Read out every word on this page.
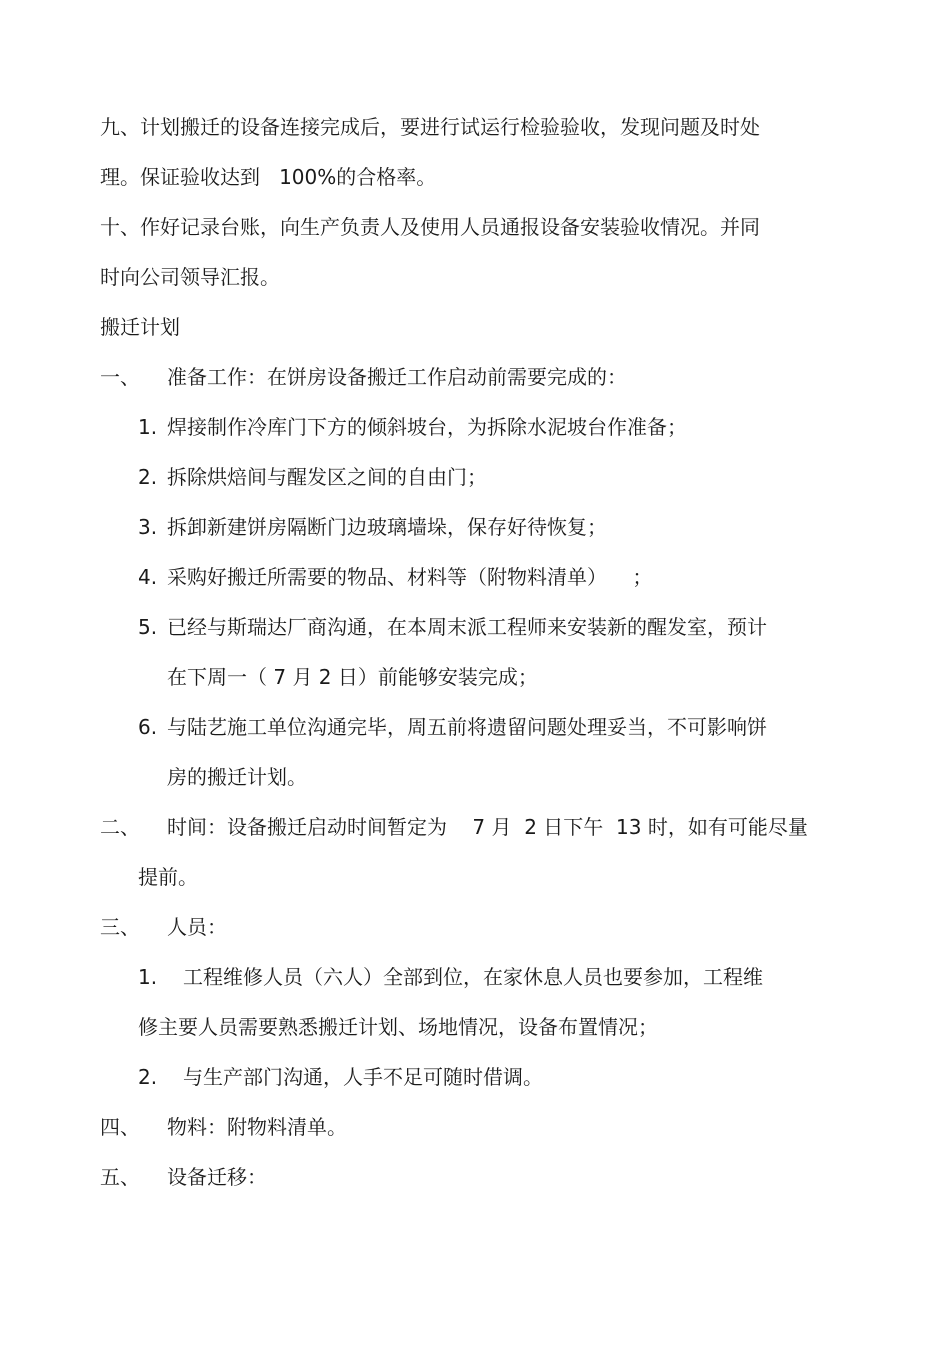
九、计划搬迁的设备连接完成后，要进行试运行检验验收，发现问题及时处
理。保证验收达到   100%的合格率。
十、作好记录台账，向生产负责人及使用人员通报设备安装验收情况。并同
时向公司领导汇报。
搬迁计划
一、 准备工作：在饼房设备搬迁工作启动前需要完成的：
1. 焊接制作冷库门下方的倾斜坡台，为拆除水泥坡台作准备；
2. 拆除烘焙间与醒发区之间的自由门；
3. 拆卸新建饼房隔断门边玻璃墙垛，保存好待恢复；
4. 采购好搬迁所需要的物品、材料等（附物料清单）    ；
5. 已经与斯瑞达厂商沟通，在本周末派工程师来安装新的醒发室，预计
在下周一（ 7 月 2 日）前能够安装完成；
6. 与陆艺施工单位沟通完毕，周五前将遗留问题处理妥当，不可影响饼
房的搬迁计划。
二、 时间：设备搬迁启动时间暂定为    7 月  2 日下午  13 时，如有可能尽量
提前。
三、 人员：
1. 工程维修人员（六人）全部到位，在家休息人员也要参加，工程维
修主要人员需要熟悉搬迁计划、场地情况，设备布置情况；
2. 与生产部门沟通，人手不足可随时借调。
四、 物料：附物料清单。
五、 设备迁移：
